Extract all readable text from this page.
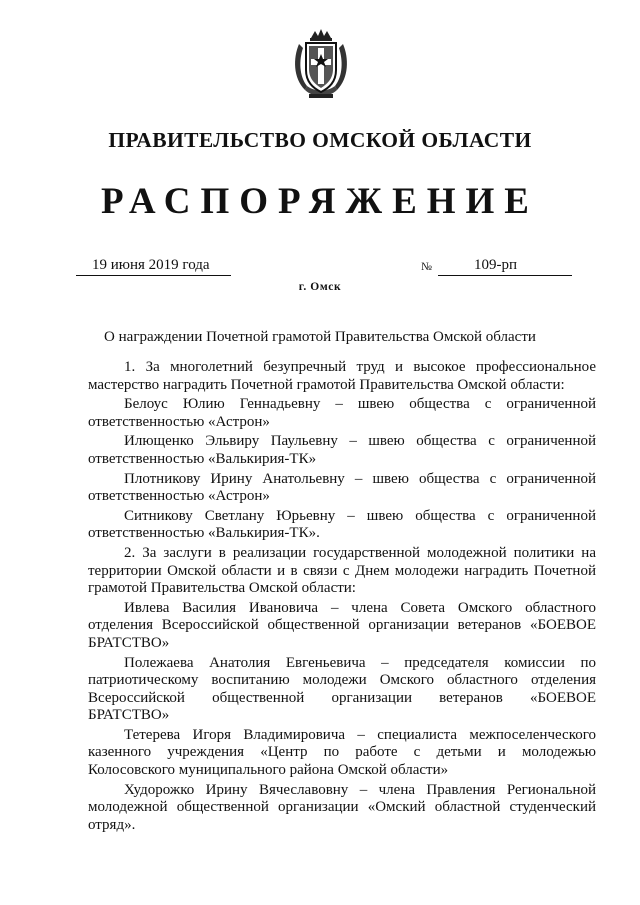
ПРАВИТЕЛЬСТВО ОМСКОЙ ОБЛАСТИ
РАСПОРЯЖЕНИЕ
19 июня 2019 года	№	109-рп
г. Омск
О награждении Почетной грамотой Правительства Омской области
1. За многолетний безупречный труд и высокое профессиональное
мастерство наградить Почетной грамотой Правительства Омской области:
Белоус Юлию Геннадьевну – швею общества с ограниченной
ответственностью «Астрон»
Илющенко Эльвиру Паульевну – швею общества с ограниченной
ответственностью «Валькирия-ТК»
Плотникову Ирину Анатольевну – швею общества с ограниченной
ответственностью «Астрон»
Ситникову Светлану Юрьевну – швею общества с ограниченной
ответственностью «Валькирия-ТК».
2. За заслуги в реализации государственной молодежной политики на
территории Омской области и в связи с Днем молодежи наградить Почетной
грамотой Правительства Омской области:
Ивлева Василия Ивановича – члена Совета Омского областного
отделения Всероссийской общественной организации ветеранов «БОЕВОЕ
БРАТСТВО»
Полежаева Анатолия Евгеньевича – председателя комиссии по
патриотическому воспитанию молодежи Омского областного отделения
Всероссийской общественной организации ветеранов «БОЕВОЕ
БРАТСТВО»
Тетерева Игоря Владимировича – специалиста межпоселенческого
казенного учреждения «Центр по работе с детьми и молодежью
Колосовского муниципального района Омской области»
Худорожко Ирину Вячеславовну – члена Правления Региональной
молодежной общественной организации «Омский областной студенческий
отряд».
